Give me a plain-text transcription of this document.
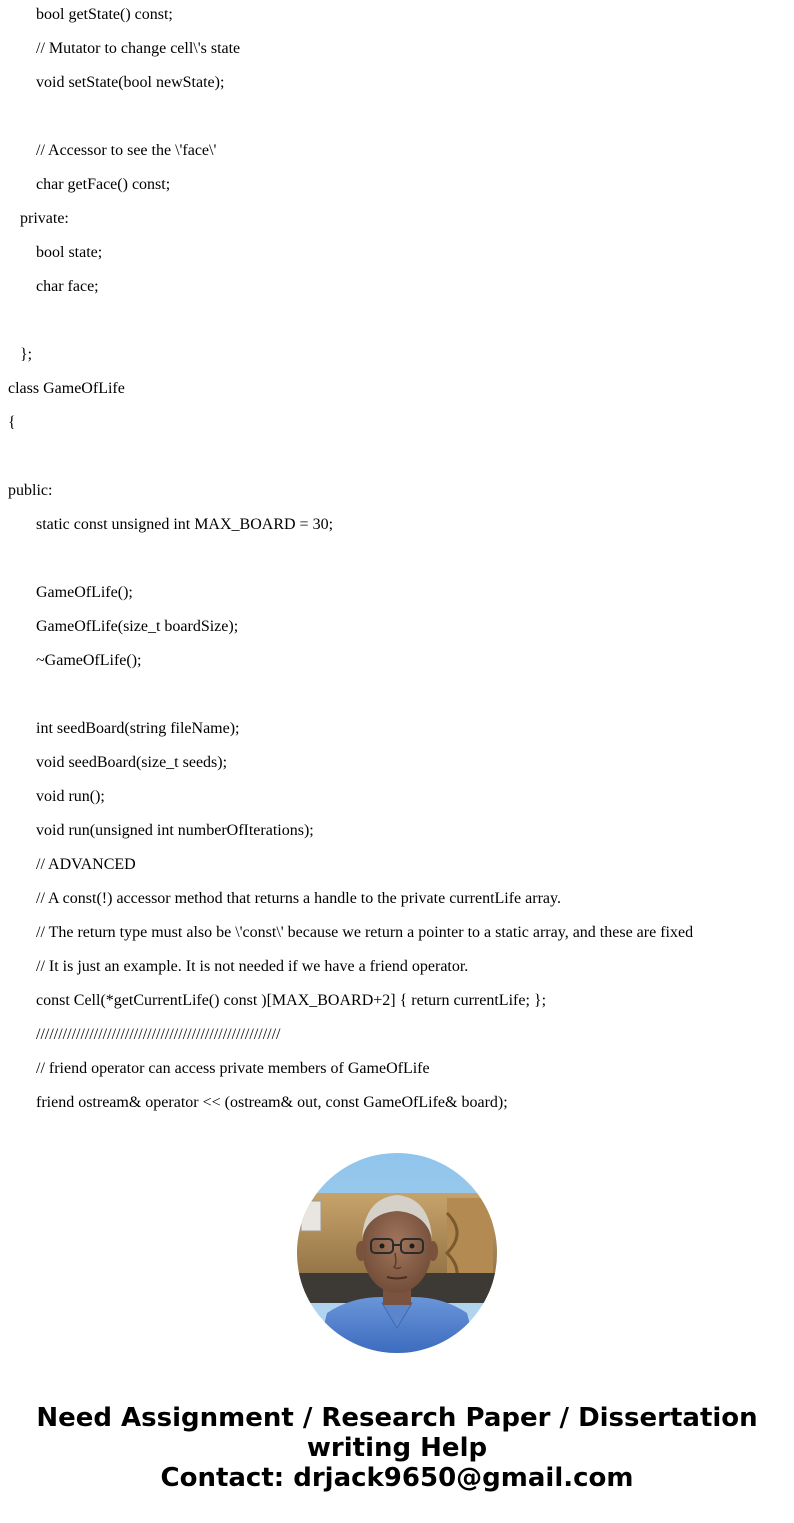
bool getState() const;
// Mutator to change cell\'s state
void setState(bool newState);
// Accessor to see the \'face\'
char getFace() const;
private:
bool state;
char face;
};
class GameOfLife
{
public:
static const unsigned int MAX_BOARD = 30;
GameOfLife();
GameOfLife(size_t boardSize);
~GameOfLife();
int seedBoard(string fileName);
void seedBoard(size_t seeds);
void run();
void run(unsigned int numberOfIterations);
// ADVANCED
// A const(!) accessor method that returns a handle to the private currentLife array.
// The return type must also be \'const\' because we return a pointer to a static array, and these are fixed
// It is just an example. It is not needed if we have a friend operator.
const Cell(*getCurrentLife() const )[MAX_BOARD+2] { return currentLife; };
///////////////////////////////////////////////////////
// friend operator can access private members of GameOfLife
friend ostream& operator << (ostream& out, const GameOfLife& board);
Need Assignment / Research Paper / Dissertation
writing Help
Contact: drjack9650@gmail.com
